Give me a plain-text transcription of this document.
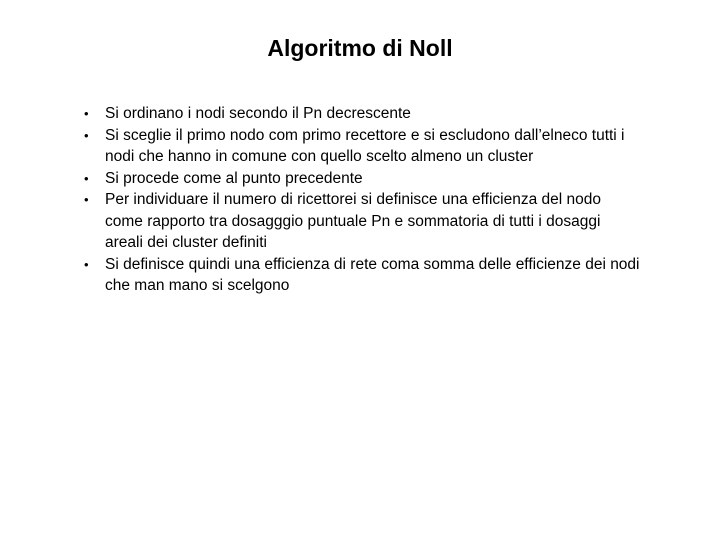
Algoritmo di Noll
• Si ordinano i nodi secondo il Pn decrescente
• Si sceglie il primo nodo com primo recettore e si escludono dall’elneco tutti i nodi che hanno in comune con quello scelto almeno un cluster
• Si procede come al punto precedente
• Per individuare il numero di ricettorei si definisce una efficienza del nodo come rapporto tra dosagggio puntuale Pn e sommatoria di tutti i dosaggi areali dei cluster definiti
• Si definisce quindi una efficienza di rete coma somma delle efficienze dei nodi che man mano si scelgono
